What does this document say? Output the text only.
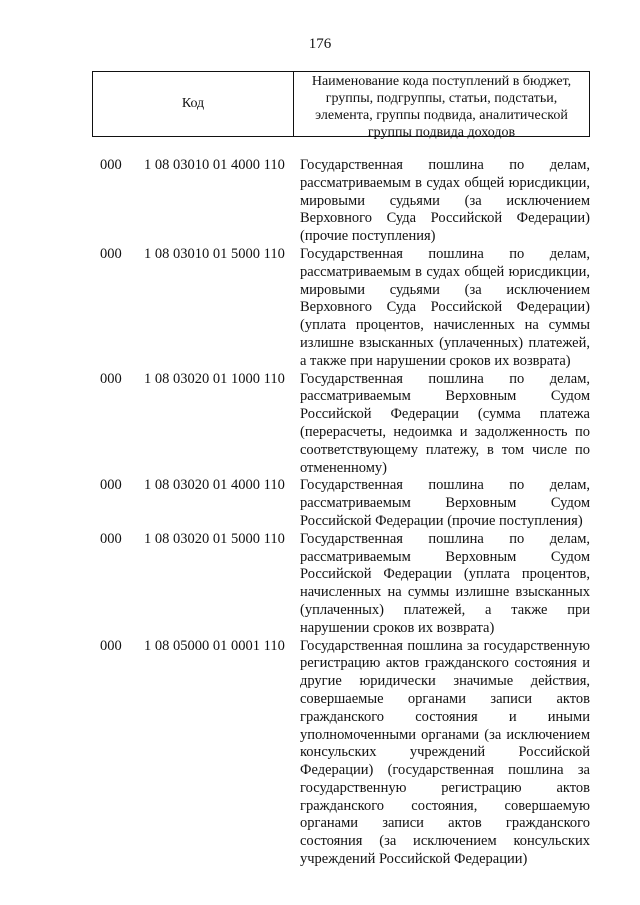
176
Код
Наименование кода поступлений в бюджет, группы, подгруппы, статьи, подстатьи, элемента, группы подвида, аналитической группы подвида доходов
000	1 08 03010 01 4000 110	Государственная пошлина по делам, рассматриваемым в судах общей юрисдикции, мировыми судьями (за исключением Верховного Суда Российской Федерации) (прочие поступления)
000	1 08 03010 01 5000 110	Государственная пошлина по делам, рассматриваемым в судах общей юрисдикции, мировыми судьями (за исключением Верховного Суда Российской Федерации) (уплата процентов, начисленных на суммы излишне взысканных (уплаченных) платежей, а также при нарушении сроков их возврата)
000	1 08 03020 01 1000 110	Государственная пошлина по делам, рассматриваемым Верховным Судом Российской Федерации (сумма платежа (перерасчеты, недоимка и задолженность по соответствующему платежу, в том числе по отмененному)
000	1 08 03020 01 4000 110	Государственная пошлина по делам, рассматриваемым Верховным Судом Российской Федерации (прочие поступления)
000	1 08 03020 01 5000 110	Государственная пошлина по делам, рассматриваемым Верховным Судом Российской Федерации (уплата процентов, начисленных на суммы излишне взысканных (уплаченных) платежей, а также при нарушении сроков их возврата)
000	1 08 05000 01 0001 110	Государственная пошлина за государственную регистрацию актов гражданского состояния и другие юридически значимые действия, совершаемые органами записи актов гражданского состояния и иными уполномоченными органами (за исключением консульских учреждений Российской Федерации) (государственная пошлина за государственную регистрацию актов гражданского состояния, совершаемую органами записи актов гражданского состояния (за исключением консульских учреждений Российской Федерации)
